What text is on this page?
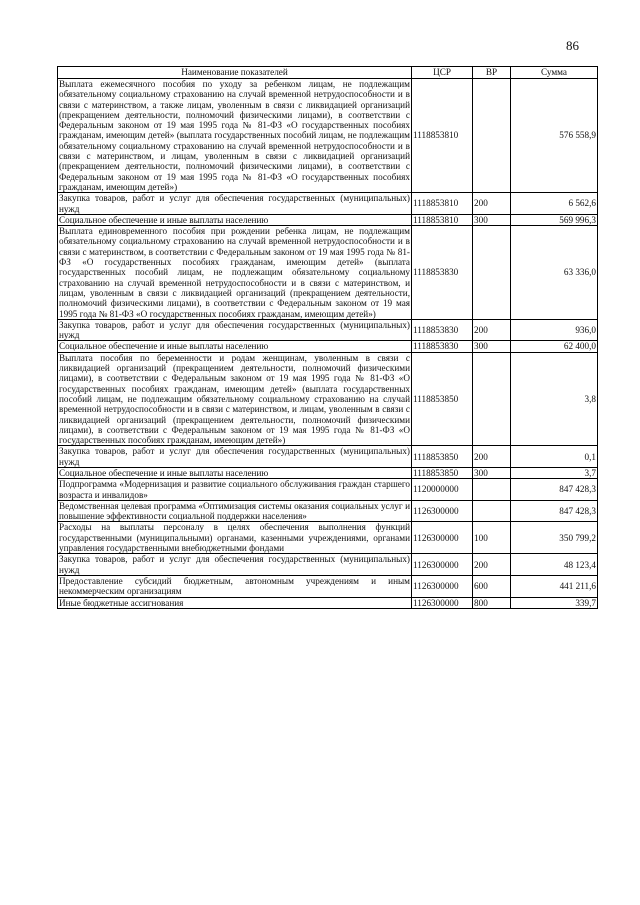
86
Наименование показателей	ЦСР	ВР	Сумма
Выплата ежемесячного пособия по уходу за ребенком лицам, не подлежащим обязательному социальному страхованию на случай временной нетрудоспособности и в связи с материнством, а также лицам, уволенным в связи с ликвидацией организаций (прекращением деятельности, полномочий физическими лицами), в соответствии с Федеральным законом от 19 мая 1995 года № 81-ФЗ «О государственных пособиях гражданам, имеющим детей» (выплата государственных пособий лицам, не подлежащим обязательному социальному страхованию на случай временной нетрудоспособности и в связи с материнством, и лицам, уволенным в связи с ликвидацией организаций (прекращением деятельности, полномочий физическими лицами), в соответствии с Федеральным законом от 19 мая 1995 года № 81-ФЗ «О государственных пособиях гражданам, имеющим детей»)	1118853810		576 558,9
Закупка товаров, работ и услуг для обеспечения государственных (муниципальных) нужд	1118853810	200	6 562,6
Социальное обеспечение и иные выплаты населению	1118853810	300	569 996,3
Выплата единовременного пособия при рождении ребенка лицам, не подлежащим обязательному социальному страхованию на случай временной нетрудоспособности и в связи с материнством, в соответствии с Федеральным законом от 19 мая 1995 года № 81-ФЗ «О государственных пособиях гражданам, имеющим детей» (выплата государственных пособий лицам, не подлежащим обязательному социальному страхованию на случай временной нетрудоспособности и в связи с материнством, и лицам, уволенным в связи с ликвидацией организаций (прекращением деятельности, полномочий физическими лицами), в соответствии с Федеральным законом от 19 мая 1995 года № 81-ФЗ «О государственных пособиях гражданам, имеющим детей»)	1118853830		63 336,0
Закупка товаров, работ и услуг для обеспечения государственных (муниципальных) нужд	1118853830	200	936,0
Социальное обеспечение и иные выплаты населению	1118853830	300	62 400,0
Выплата пособия по беременности и родам женщинам, уволенным в связи с ликвидацией организаций (прекращением деятельности, полномочий физическими лицами), в соответствии с Федеральным законом от 19 мая 1995 года № 81-ФЗ «О государственных пособиях гражданам, имеющим детей» (выплата государственных пособий лицам, не подлежащим обязательному социальному страхованию на случай временной нетрудоспособности и в связи с материнством, и лицам, уволенным в связи с ликвидацией организаций (прекращением деятельности, полномочий физическими лицами), в соответствии с Федеральным законом от 19 мая 1995 года № 81-ФЗ «О государственных пособиях гражданам, имеющим детей»)	1118853850		3,8
Закупка товаров, работ и услуг для обеспечения государственных (муниципальных) нужд	1118853850	200	0,1
Социальное обеспечение и иные выплаты населению	1118853850	300	3,7
Подпрограмма «Модернизация и развитие социального обслуживания граждан старшего возраста и инвалидов»	1120000000		847 428,3
Ведомственная целевая программа «Оптимизация системы оказания социальных услуг и повышение эффективности социальной поддержки населения»	1126300000		847 428,3
Расходы на выплаты персоналу в целях обеспечения выполнения функций государственными (муниципальными) органами, казенными учреждениями, органами управления государственными внебюджетными фондами	1126300000	100	350 799,2
Закупка товаров, работ и услуг для обеспечения государственных (муниципальных) нужд	1126300000	200	48 123,4
Предоставление субсидий бюджетным, автономным учреждениям и иным некоммерческим организациям	1126300000	600	441 211,6
Иные бюджетные ассигнования	1126300000	800	339,7
